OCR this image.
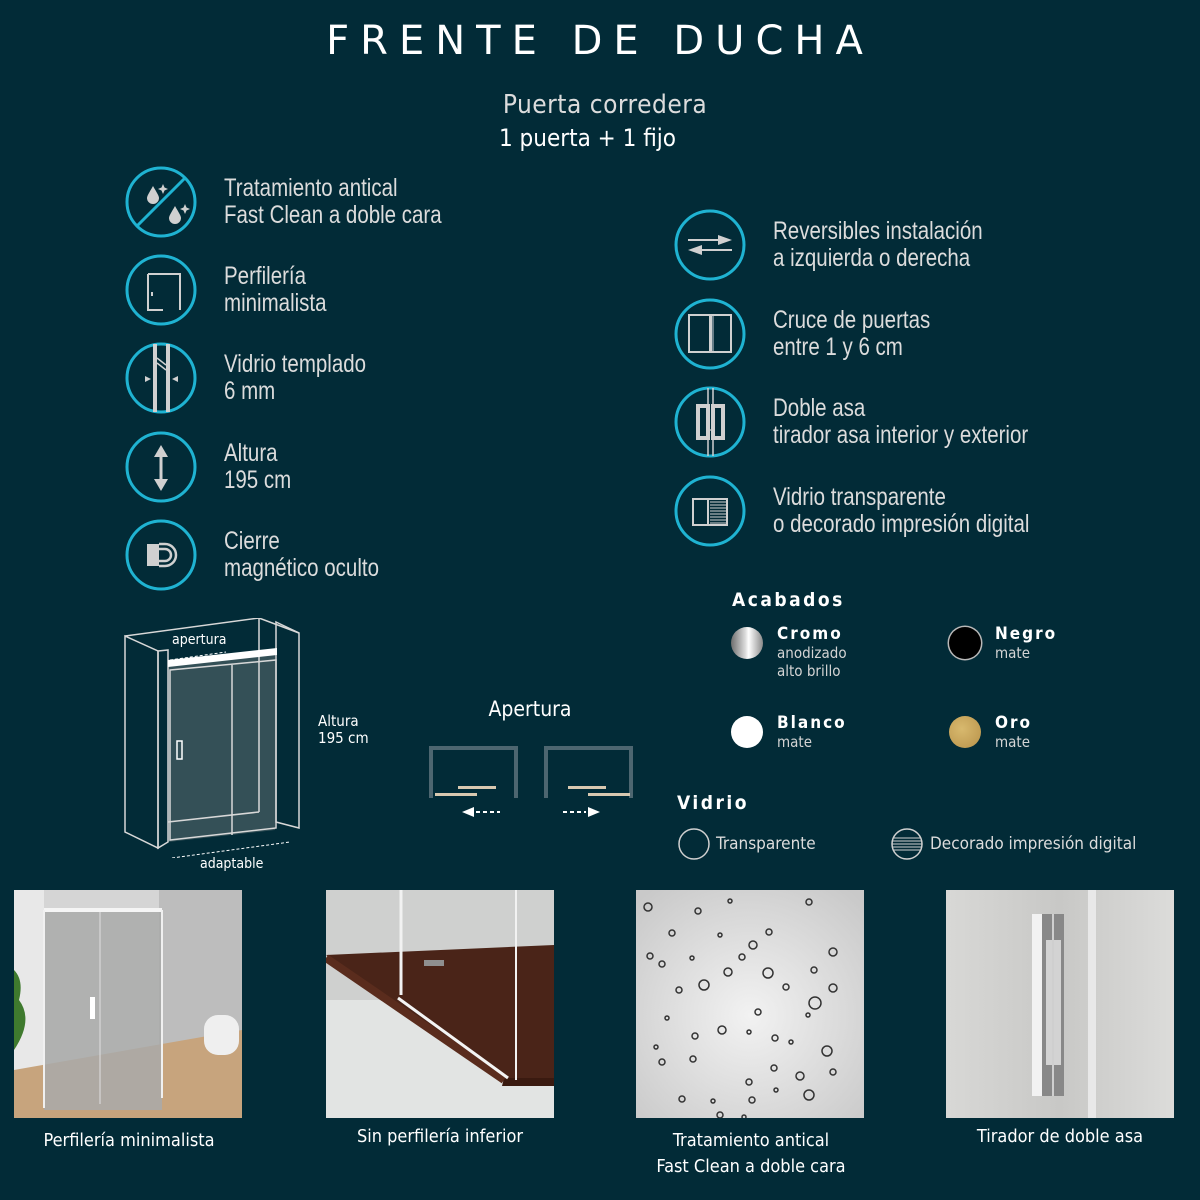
FRENTE DE DUCHA
Puerta corredera
1 puerta + 1 fijo
Tratamiento antical
Fast Clean a doble cara
Perfilería
minimalista
Vidrio templado
6 mm
Altura
195 cm
Cierre
magnético oculto
Reversibles instalación
a izquierda o derecha
Cruce de puertas
entre 1 y 6 cm
Doble asa
tirador asa interior y exterior
Vidrio transparente
o decorado impresión digital
apertura
adaptable
Altura
195 cm
Apertura
Acabados
Cromo
anodizado
alto brillo
Negro
mate
Blanco
mate
Oro
mate
Vidrio
Transparente	Decorado impresión digital
Perfilería minimalista	Sin perfilería inferior	Tratamiento antical
Fast Clean a doble cara
Tirador de doble asa
